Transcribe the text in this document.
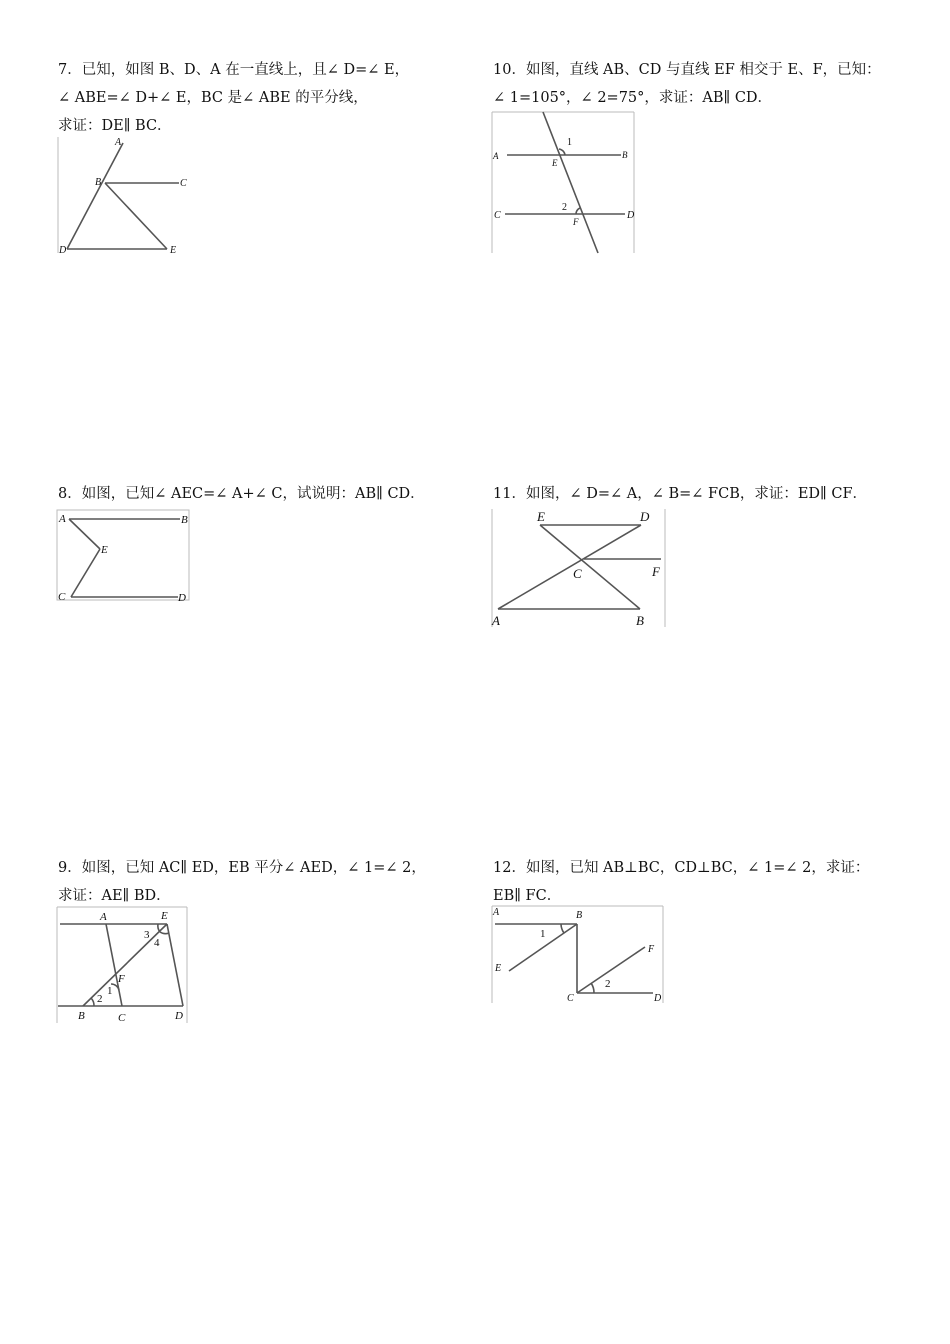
7．已知，如图 B、D、A 在一直线上，且∠ D=∠ E，

∠ ABE=∠ D+∠ E，BC 是∠ ABE 的平分线，

求证：DE∥ BC．

A
B	C
D	E

10．如图，直线 AB、CD 与直线 EF 相交于 E、F，已知：

∠ 1=105°，∠ 2=75°，求证：AB∥ CD．

A	B
C	D
E
F
1
2

8．如图，已知∠ AEC=∠ A+∠ C，试说明：AB∥ CD．

A	B
E
C	D

11．如图，∠ D=∠ A，∠ B=∠ FCB，求证：ED∥ CF．

E	D
C	F
A	B

9．如图，已知 AC∥ ED，EB 平分∠ AED，∠ 1=∠ 2，

求证：AE∥ BD．

A	E
F
B	C	D
3
4
1
2

12．如图，已知 AB⊥BC，CD⊥BC，∠ 1=∠ 2，求证：

EB∥ FC．

A	B
E
F
C	D
1
2
